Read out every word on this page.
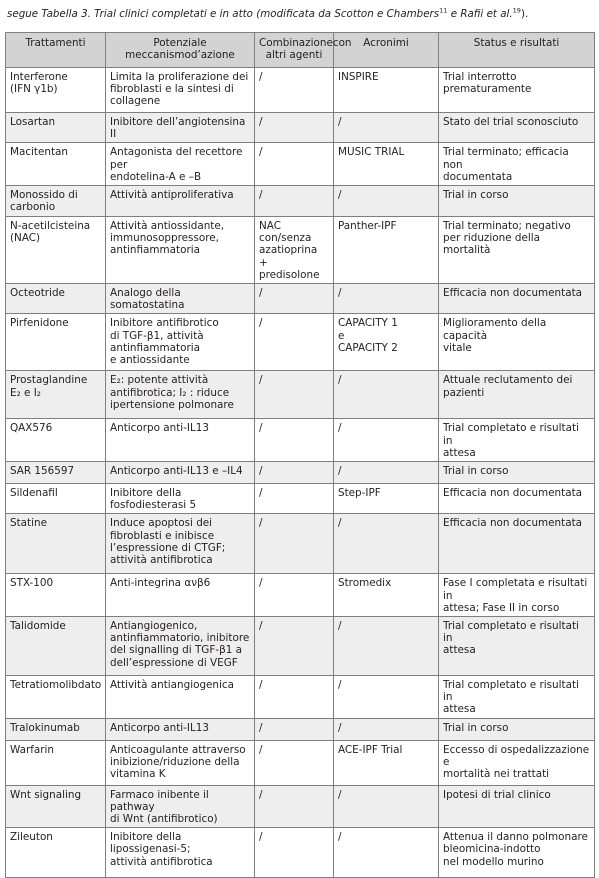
segue Tabella 3. Trial clinici completati e in atto (modificata da Scotton e Chambers$^{11}$ e Rafii et al.$^{19}$).
Trattamenti	Potenziale meccanismod’azione	Combinazionecon altri agenti	Acronimi	Status e risultati

Interferone
(IFN γ1b)	Limita la proliferazione dei
fibroblasti e la sintesi di
collagene	/	INSPIRE	Trial interrotto prematuramente

Losartan	Inibitore dell’angiotensina II	/	/	Stato del trial sconosciuto

Macitentan	Antagonista del recettore per
endotelina-A e –B	/	MUSIC TRIAL	Trial terminato; efficacia non
documentata

Monossido di
carbonio	Attività antiproliferativa	/	/	Trial in corso

N-acetilcisteina
(NAC)	Attività antiossidante,
immunosoppressore,
antinfiammatoria	NAC con/senza
azatioprina +
predisolone	Panther-IPF	Trial terminato; negativo
per riduzione della mortalità

Octeotride	Analogo della somatostatina	/	/	Efficacia non documentata

Pirfenidone	Inibitore antifibrotico
di TGF-β1, attività
antinfiammatoria
e antiossidante	/	CAPACITY 1
e
CAPACITY 2	Miglioramento della capacità
vitale

Prostaglandine
E₂ e I₂	E₂: potente attività
antifibrotica; I₂ : riduce
ipertensione polmonare	/	/	Attuale reclutamento dei
pazienti

QAX576	Anticorpo anti-IL13	/	/	Trial completato e risultati in
attesa

SAR 156597	Anticorpo anti-IL13 e –IL4	/	/	Trial in corso

Sildenafil	Inibitore della fosfodiesterasi 5	/	Step-IPF	Efficacia non documentata

Statine	Induce apoptosi dei
fibroblasti e inibisce
l’espressione di CTGF;
attività antifibrotica	/	/	Efficacia non documentata

STX-100	Anti-integrina ανβ6	/	Stromedix	Fase I completata e risultati in
attesa; Fase II in corso

Talidomide	Antiangiogenico,
antinfiammatorio, inibitore
del signalling di TGF-β1 a
dell’espressione di VEGF	/	/	Trial completato e risultati in
attesa

Tetratiomolibdato	Attività antiangiogenica	/	/	Trial completato e risultati in
attesa

Tralokinumab	Anticorpo anti-IL13	/	/	Trial in corso

Warfarin	Anticoagulante attraverso
inibizione/riduzione della
vitamina K	/	ACE-IPF Trial	Eccesso di ospedalizzazione e
mortalità nei trattati

Wnt signaling	Farmaco inibente il pathway
di Wnt (antifibrotico)	/	/	Ipotesi di trial clinico

Zileuton	Inibitore della lipossigenasi-5;
attività antifibrotica	/	/	Attenua il danno polmonare
bleomicina-indotto
nel modello murino
